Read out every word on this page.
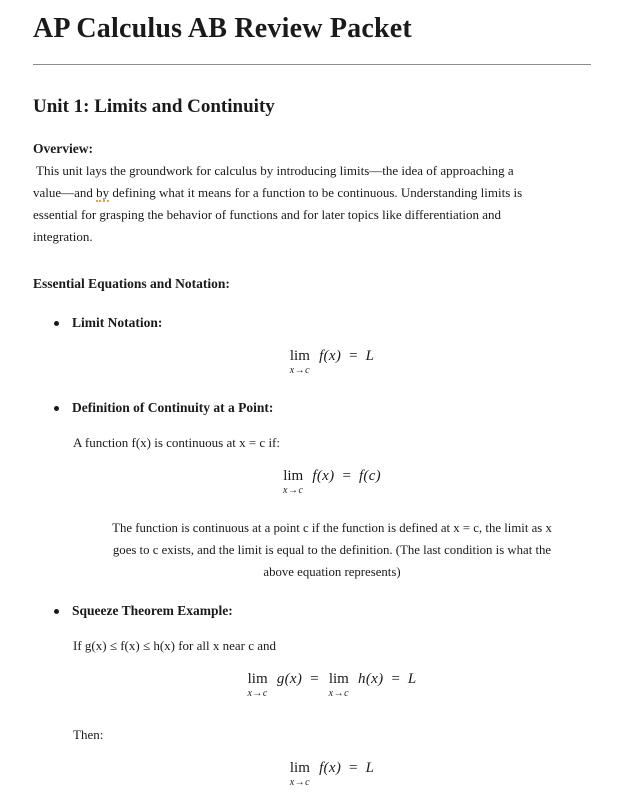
AP Calculus AB Review Packet
Unit 1: Limits and Continuity
Overview:
This unit lays the groundwork for calculus by introducing limits—the idea of approaching a
value—and by defining what it means for a function to be continuous. Understanding limits is
essential for grasping the behavior of functions and for later topics like differentiation and
integration.
Essential Equations and Notation:
Limit Notation:
lim
x→c
f(x) = L
Definition of Continuity at a Point:
A function f(x) is continuous at x = c if:
lim
x→c
f(x) = f(c)
The function is continuous at a point c if the function is defined at x = c, the limit as x
goes to c exists, and the limit is equal to the definition. (The last condition is what the
above equation represents)
Squeeze Theorem Example:
If g(x) ≤ f(x) ≤ h(x) for all x near c and
lim
x→c
g(x) = lim
x→c
h(x) = L
Then:
lim
x→c
f(x) = L
